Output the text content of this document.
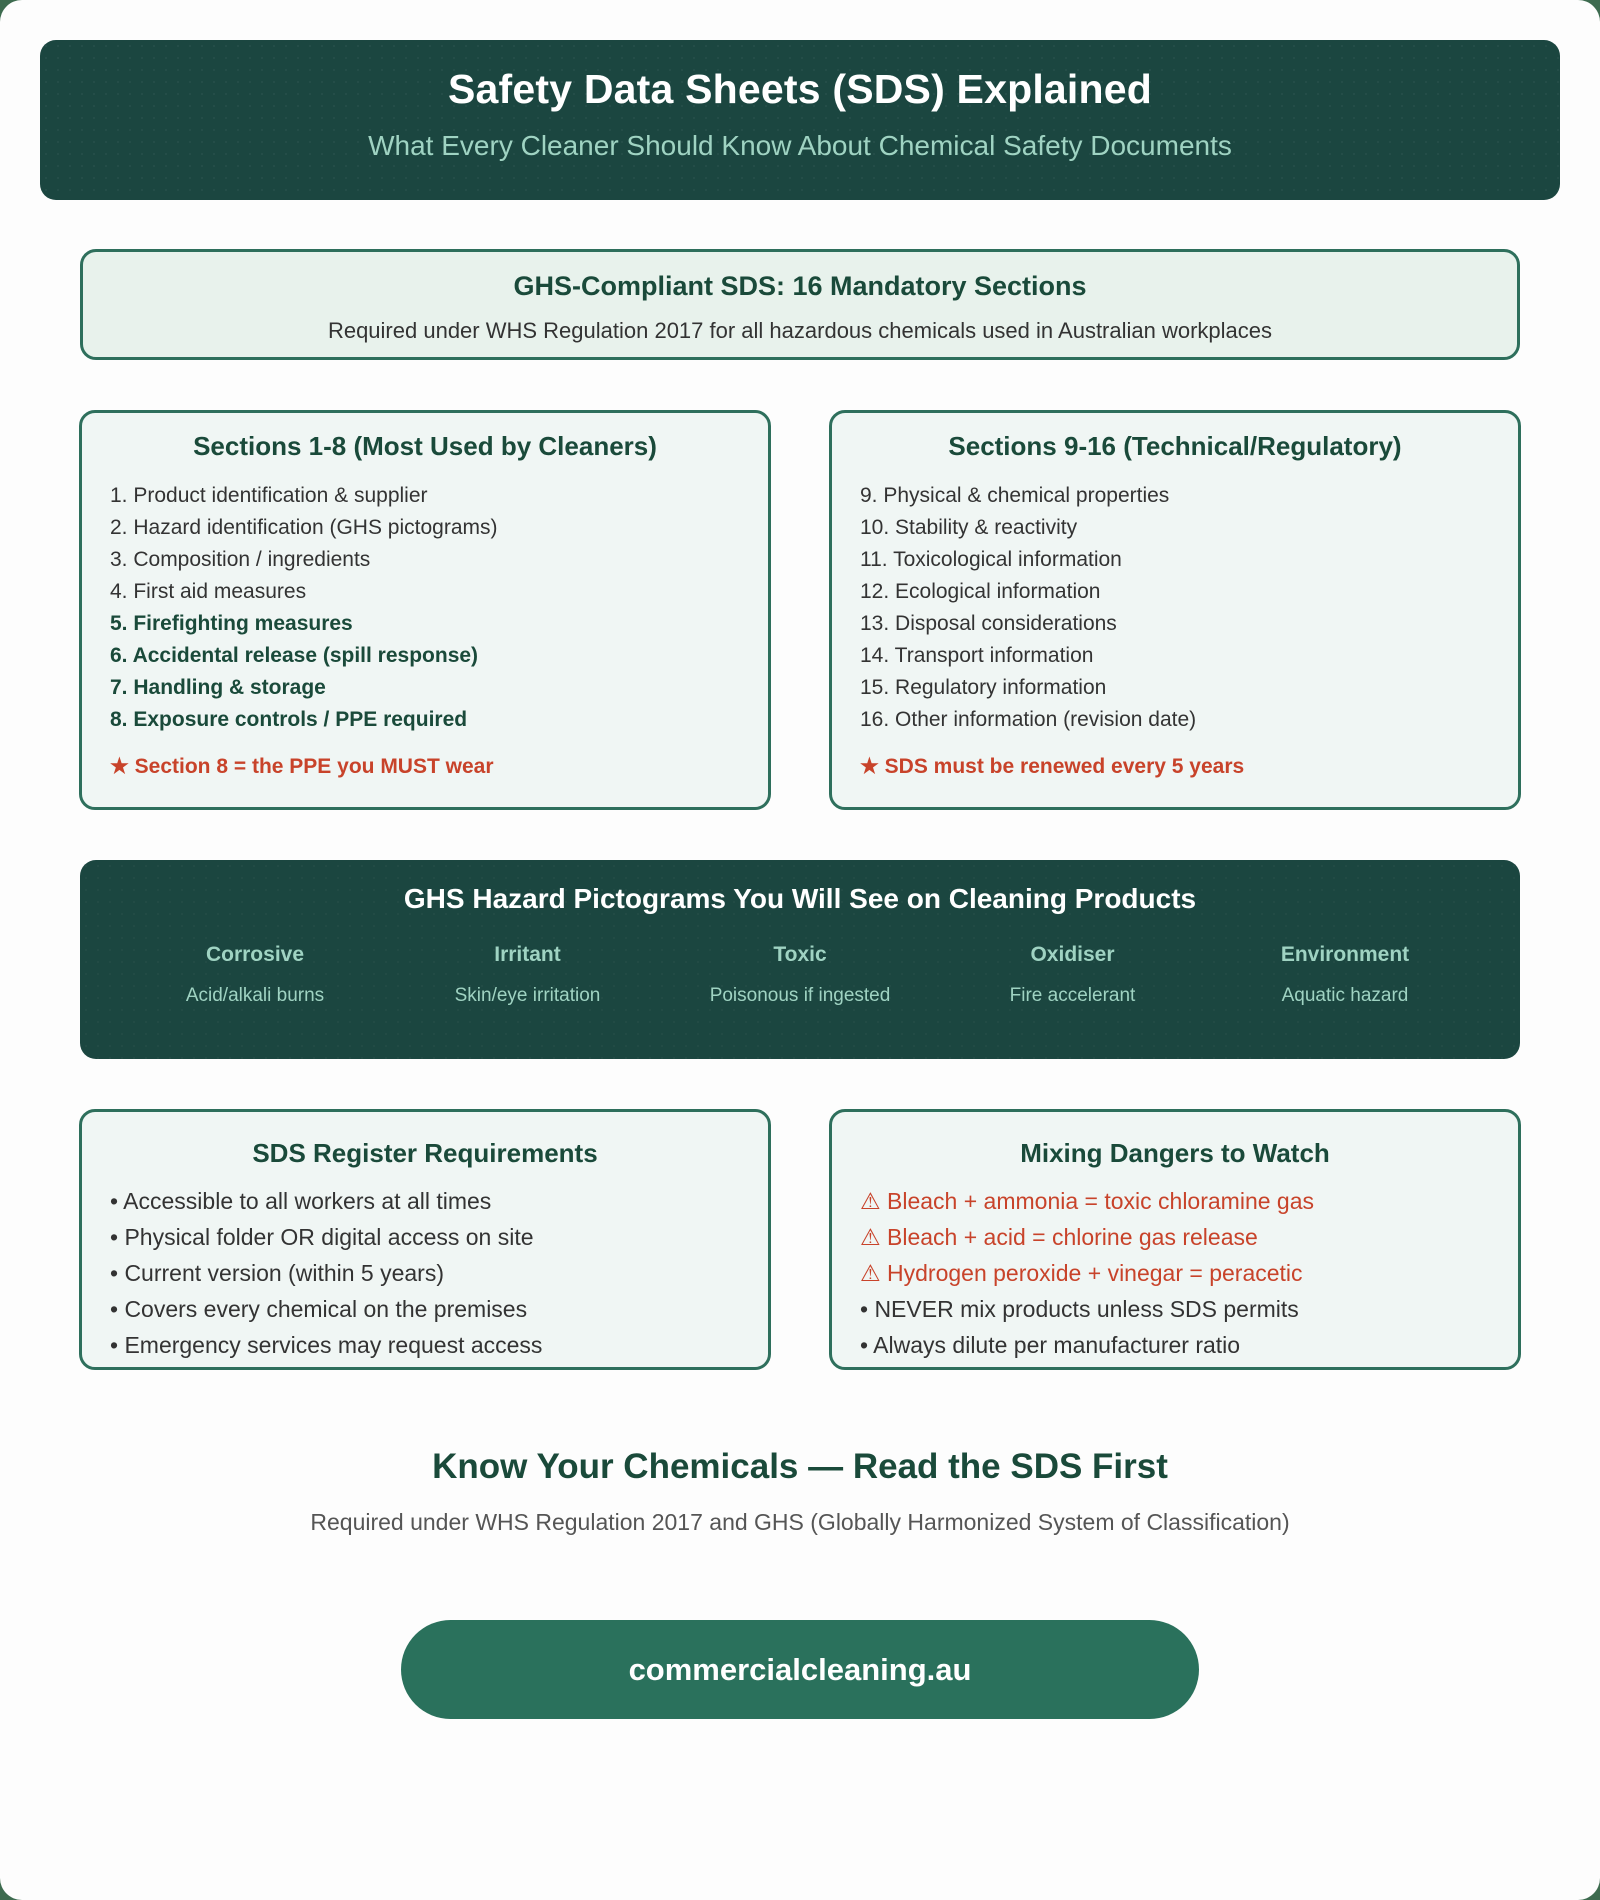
Safety Data Sheets (SDS) Explained
What Every Cleaner Should Know About Chemical Safety Documents
GHS-Compliant SDS: 16 Mandatory Sections

Required under WHS Regulation 2017 for all hazardous chemicals used in Australian workplaces

Sections 1-8 (Most Used by Cleaners)
1. Product identification & supplier
2. Hazard identification (GHS pictograms)
3. Composition / ingredients
4. First aid measures
5. Firefighting measures
6. Accidental release (spill response)
7. Handling & storage
8. Exposure controls / PPE required
★ Section 8 = the PPE you MUST wear
Sections 9-16 (Technical/Regulatory)
9. Physical & chemical properties
10. Stability & reactivity
11. Toxicological information
12. Ecological information
13. Disposal considerations
14. Transport information
15. Regulatory information
16. Other information (revision date)
★ SDS must be renewed every 5 years
GHS Hazard Pictograms You Will See on Cleaning Products
Corrosive
Acid/alkali burns
Irritant
Skin/eye irritation
Toxic
Poisonous if ingested
Oxidiser
Fire accelerant
Environment
Aquatic hazard
SDS Register Requirements
• Accessible to all workers at all times
• Physical folder OR digital access on site
• Current version (within 5 years)
• Covers every chemical on the premises
• Emergency services may request access
Mixing Dangers to Watch
⚠ Bleach + ammonia = toxic chloramine gas
⚠ Bleach + acid = chlorine gas release
⚠ Hydrogen peroxide + vinegar = peracetic
• NEVER mix products unless SDS permits
• Always dilute per manufacturer ratio
Know Your Chemicals — Read the SDS First
Required under WHS Regulation 2017 and GHS (Globally Harmonized System of Classification)
commercialcleaning.au
